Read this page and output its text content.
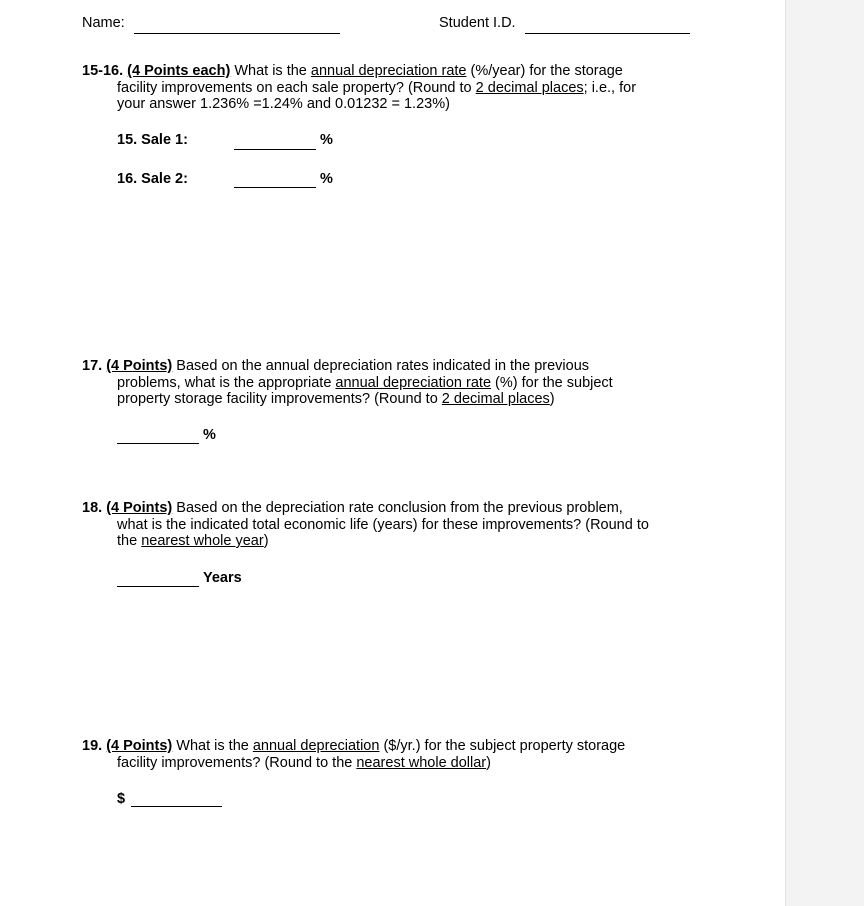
Name:	Student I.D.
15-16. (4 Points each) What is the annual depreciation rate (%/year) for the storage
facility improvements on each sale property? (Round to 2 decimal places; i.e., for
your answer 1.236% =1.24% and 0.01232 = 1.23%)
15. Sale 1:	%
16. Sale 2:	%
17. (4 Points) Based on the annual depreciation rates indicated in the previous
problems, what is the appropriate annual depreciation rate (%) for the subject
property storage facility improvements? (Round to 2 decimal places)
%
18. (4 Points) Based on the depreciation rate conclusion from the previous problem,
what is the indicated total economic life (years) for these improvements? (Round to
the nearest whole year)
Years
19. (4 Points) What is the annual depreciation ($/yr.) for the subject property storage
facility improvements? (Round to the nearest whole dollar)
$
